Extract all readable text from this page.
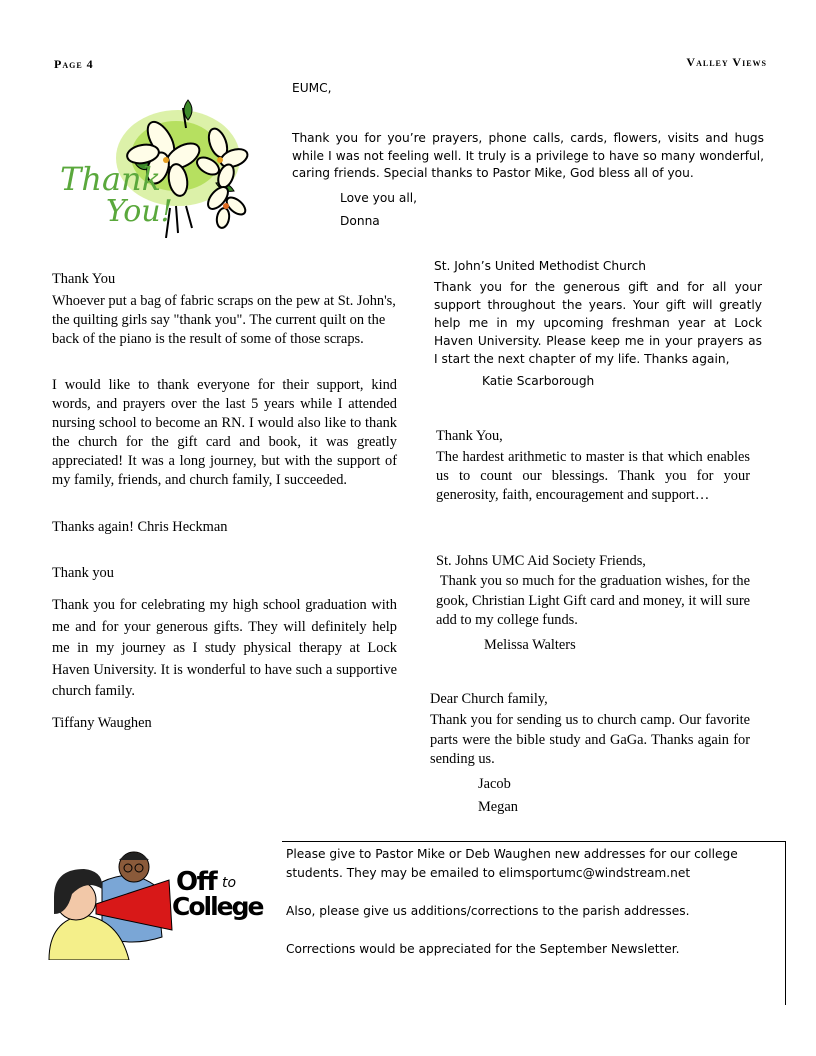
Page 4	Valley Views
Thank
You!

EUMC,

Thank you for you’re prayers, phone calls, cards, flowers, visits and hugs while I was not feeling well. It truly is a privilege to have so many wonderful, caring friends. Special thanks to Pastor Mike, God bless all of you.

Love you all,

Donna

Thank You

Whoever put a bag of fabric scraps on the pew at St. John's, the quilting girls say "thank you". The current quilt on the back of the piano is the result of some of those scraps.

I would like to thank everyone for their support, kind words, and prayers over the last 5 years while I attended nursing school to become an RN. I would also like to thank the church for the gift card and book, it was greatly appreciated! It was a long journey, but with the support of my family, friends, and church family, I succeeded.

Thanks again! Chris Heckman

Thank you

Thank you for celebrating my high school graduation with me and for your generous gifts. They will definitely help me in my journey as I study physical therapy at Lock Haven University. It is wonderful to have such a supportive church family.

Tiffany Waughen

St. John’s United Methodist Church

Thank you for the generous gift and for all your support throughout the years. Your gift will greatly help me in my upcoming freshman year at Lock Haven University. Please keep me in your prayers as I start the next chapter of my life. Thanks again,

Katie Scarborough

Thank You,

The hardest arithmetic to master is that which enables us to count our blessings. Thank you for your generosity, faith, encouragement and support…

St. Johns UMC Aid Society Friends,

Thank you so much for the graduation wishes, for the gook, Christian Light Gift card and money, it will sure add to my college funds.

Melissa Walters

Dear Church family,

Thank you for sending us to church camp. Our favorite parts were the bible study and GaGa. Thanks again for sending us.

Jacob

Megan

Off to
College

Please give to Pastor Mike or Deb Waughen new addresses for our college students. They may be emailed to elimsportumc@windstream.net

Also, please give us additions/corrections to the parish addresses.

Corrections would be appreciated for the September Newsletter.
